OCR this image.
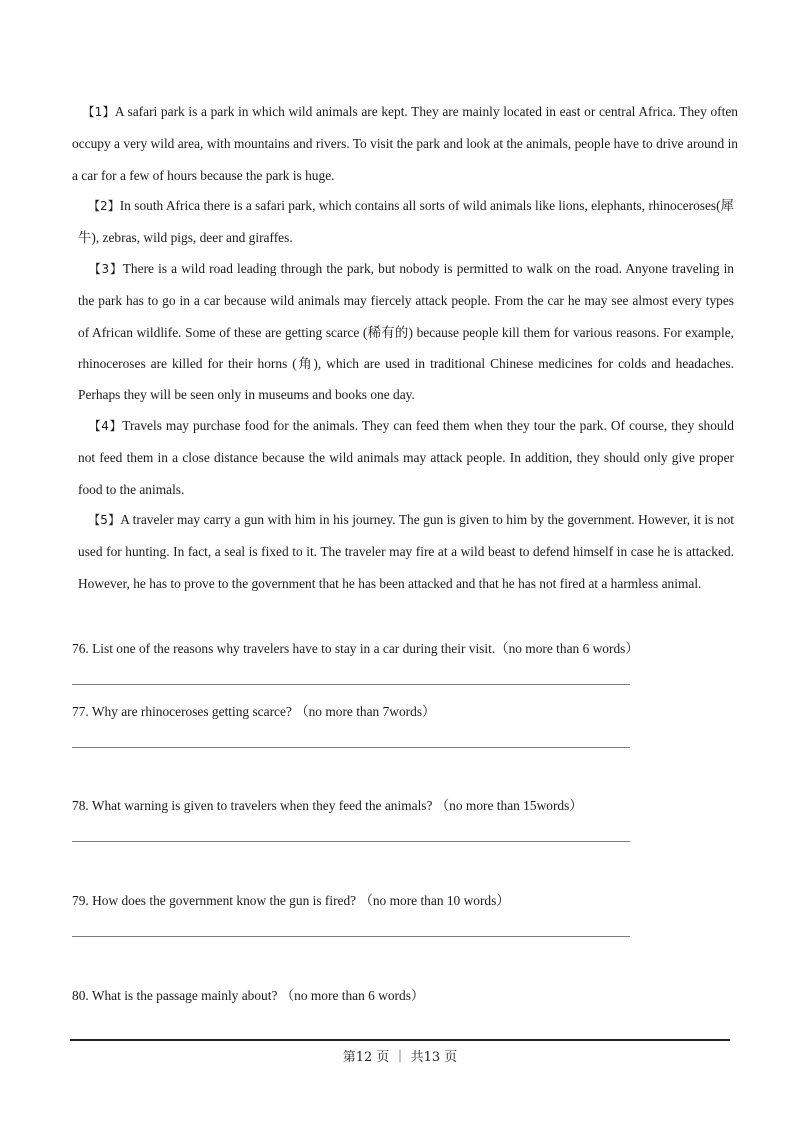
【1】A safari park is a park in which wild animals are kept. They are mainly located in east or central Africa. They often occupy a very wild area, with mountains and rivers. To visit the park and look at the animals, people have to drive around in a car for a few of hours because the park is huge.

【2】In south Africa there is a safari park, which contains all sorts of wild animals like lions, elephants, rhinoceroses(犀牛), zebras, wild pigs, deer and giraffes.

【3】There is a wild road leading through the park, but nobody is permitted to walk on the road. Anyone traveling in the park has to go in a car because wild animals may fiercely attack people. From the car he may see almost every types of African wildlife. Some of these are getting scarce (稀有的) because people kill them for various reasons. For example, rhinoceroses are killed for their horns (角), which are used in traditional Chinese medicines for colds and headaches. Perhaps they will be seen only in museums and books one day.

【4】Travels may purchase food for the animals. They can feed them when they tour the park. Of course, they should not feed them in a close distance because the wild animals may attack people. In addition, they should only give proper food to the animals.

【5】A traveler may carry a gun with him in his journey. The gun is given to him by the government. However, it is not used for hunting. In fact, a seal is fixed to it. The traveler may fire at a wild beast to defend himself in case he is attacked. However, he has to prove to the government that he has been attacked and that he has not fired at a harmless animal.

76. List one of the reasons why travelers have to stay in a car during their visit.（no more than 6 words）

77. Why are rhinoceroses getting scarce? （no more than 7words）

78. What warning is given to travelers when they feed the animals? （no more than 15words）

79. How does the government know the gun is fired? （no more than 10 words）

80. What is the passage mainly about? （no more than 6 words）

第12 页 ｜ 共13 页
